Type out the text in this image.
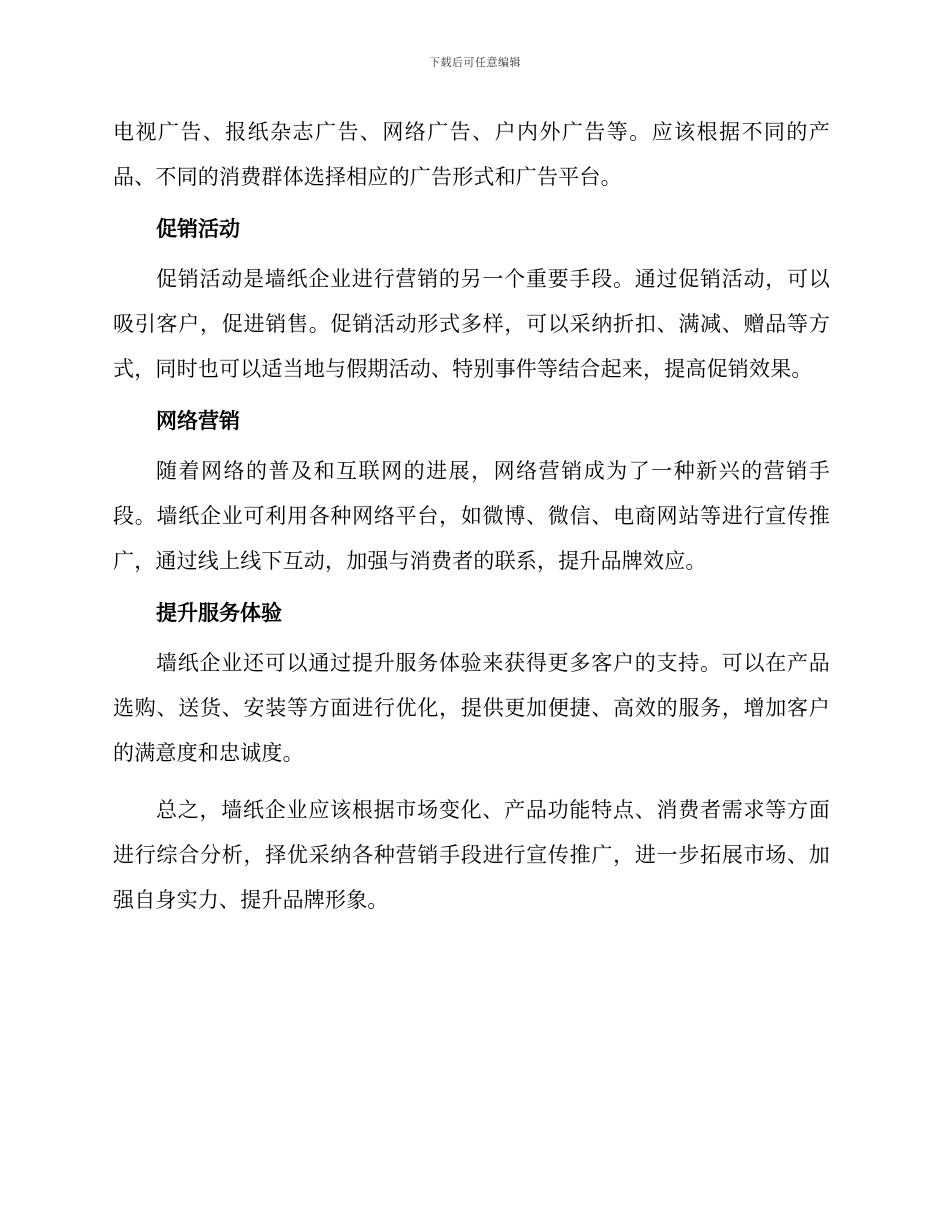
下载后可任意编辑

电视广告、报纸杂志广告、网络广告、户内外广告等。应该根据不同的产品、不同的消费群体选择相应的广告形式和广告平台。

促销活动

促销活动是墙纸企业进行营销的另一个重要手段。通过促销活动，可以吸引客户，促进销售。促销活动形式多样，可以采纳折扣、满减、赠品等方式，同时也可以适当地与假期活动、特别事件等结合起来，提高促销效果。

网络营销

随着网络的普及和互联网的进展，网络营销成为了一种新兴的营销手段。墙纸企业可利用各种网络平台，如微博、微信、电商网站等进行宣传推广，通过线上线下互动，加强与消费者的联系，提升品牌效应。

提升服务体验

墙纸企业还可以通过提升服务体验来获得更多客户的支持。可以在产品选购、送货、安装等方面进行优化，提供更加便捷、高效的服务，增加客户的满意度和忠诚度。

总之，墙纸企业应该根据市场变化、产品功能特点、消费者需求等方面进行综合分析，择优采纳各种营销手段进行宣传推广，进一步拓展市场、加强自身实力、提升品牌形象。
